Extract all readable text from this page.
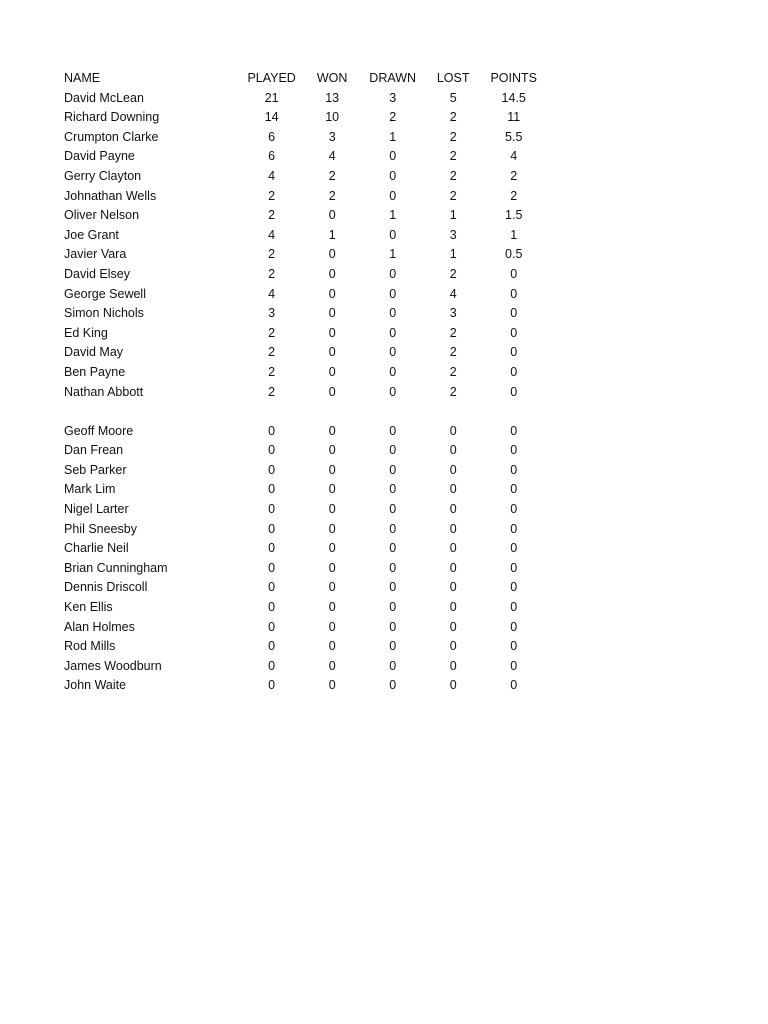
NAME	PLAYED	WON	DRAWN	LOST	POINTS
David McLean	21	13	3	5	14.5
Richard Downing	14	10	2	2	11
Crumpton Clarke	6	3	1	2	5.5
David Payne	6	4	0	2	4
Gerry Clayton	4	2	0	2	2
Johnathan Wells	2	2	0	2	2
Oliver Nelson	2	0	1	1	1.5
Joe Grant	4	1	0	3	1
Javier Vara	2	0	1	1	0.5
David Elsey	2	0	0	2	0
George Sewell	4	0	0	4	0
Simon Nichols	3	0	0	3	0
Ed King	2	0	0	2	0
David May	2	0	0	2	0
Ben Payne	2	0	0	2	0
Nathan Abbott	2	0	0	2	0

Geoff Moore	0	0	0	0	0
Dan Frean	0	0	0	0	0
Seb Parker	0	0	0	0	0
Mark Lim	0	0	0	0	0
Nigel Larter	0	0	0	0	0
Phil Sneesby	0	0	0	0	0
Charlie Neil	0	0	0	0	0
Brian Cunningham	0	0	0	0	0
Dennis Driscoll	0	0	0	0	0
Ken Ellis	0	0	0	0	0
Alan Holmes	0	0	0	0	0
Rod Mills	0	0	0	0	0
James Woodburn	0	0	0	0	0
John Waite	0	0	0	0	0
